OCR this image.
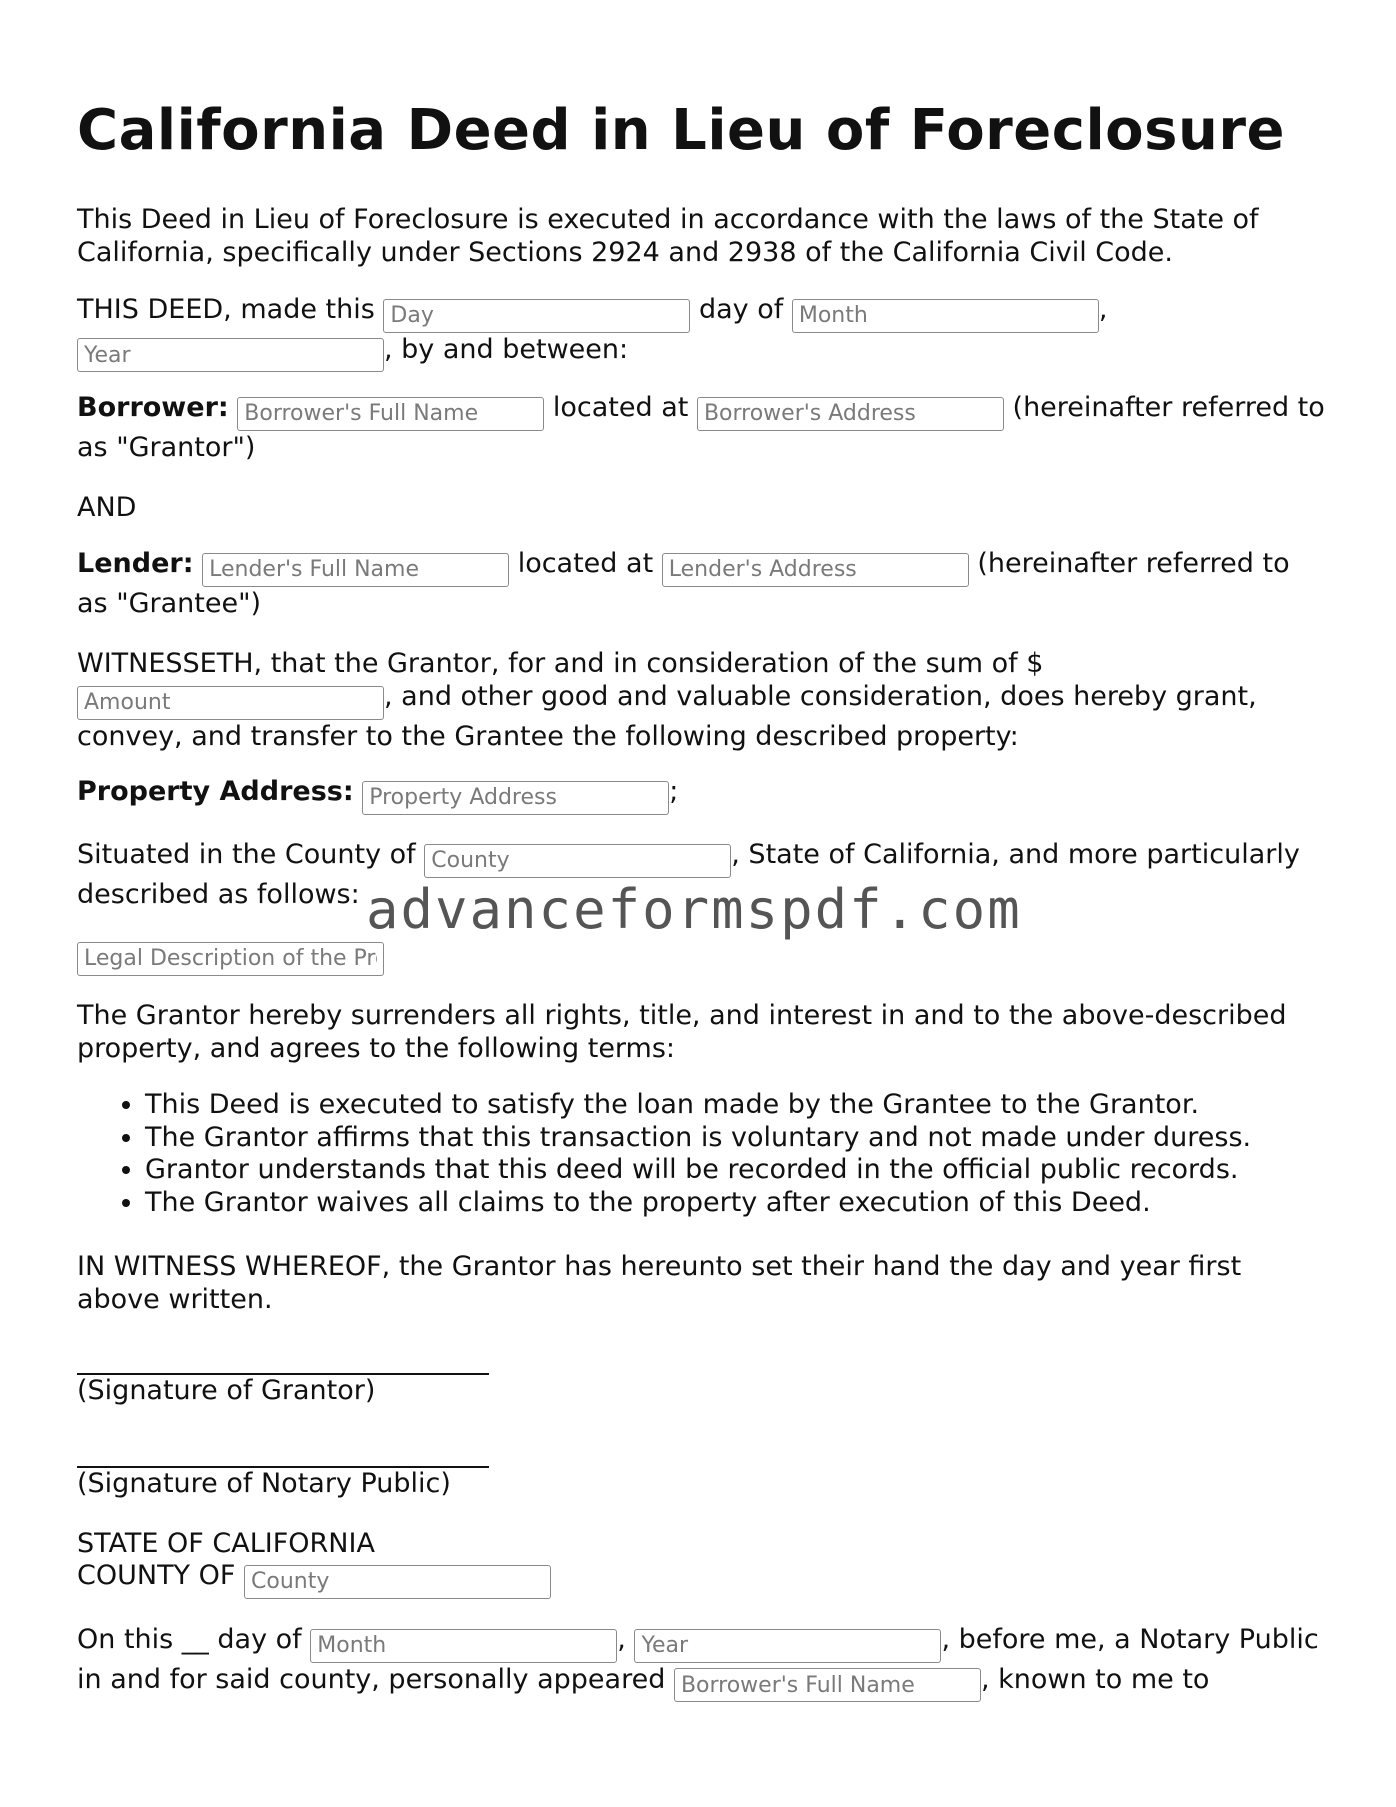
California Deed in Lieu of Foreclosure

This Deed in Lieu of Foreclosure is executed in accordance with the laws of the State of California, specifically under Sections 2924 and 2938 of the California Civil Code.

THIS DEED, made this Day	day of Month	,
Year, by and between:

Borrower: Borrower's Full Name	located at Borrower's Address	(hereinafter referred to as "Grantor")

AND

Lender: Lender's Full Name	located at Lender's Address	(hereinafter referred to as "Grantee")

WITNESSETH, that the Grantor, for and in consideration of the sum of $
Amount, and other good and valuable consideration, does hereby grant, convey, and transfer to the Grantee the following described property:

Property Address: Property Address	;

Situated in the County of County	, State of California, and more particularly described as follows:

Legal Description of the Property

The Grantor hereby surrenders all rights, title, and interest in and to the above-described property, and agrees to the following terms:

• This Deed is executed to satisfy the loan made by the Grantee to the Grantor.
• The Grantor affirms that this transaction is voluntary and not made under duress.
• Grantor understands that this deed will be recorded in the official public records.
• The Grantor waives all claims to the property after execution of this Deed.

IN WITNESS WHEREOF, the Grantor has hereunto set their hand the day and year first above written.

(Signature of Grantor)

(Signature of Notary Public)

STATE OF CALIFORNIA

COUNTY OF County

On this __ day of Month	, Year	, before me, a Notary Public in and for said county, personally appeared Borrower's Full Name	, known to me to

advanceformspdf.com
